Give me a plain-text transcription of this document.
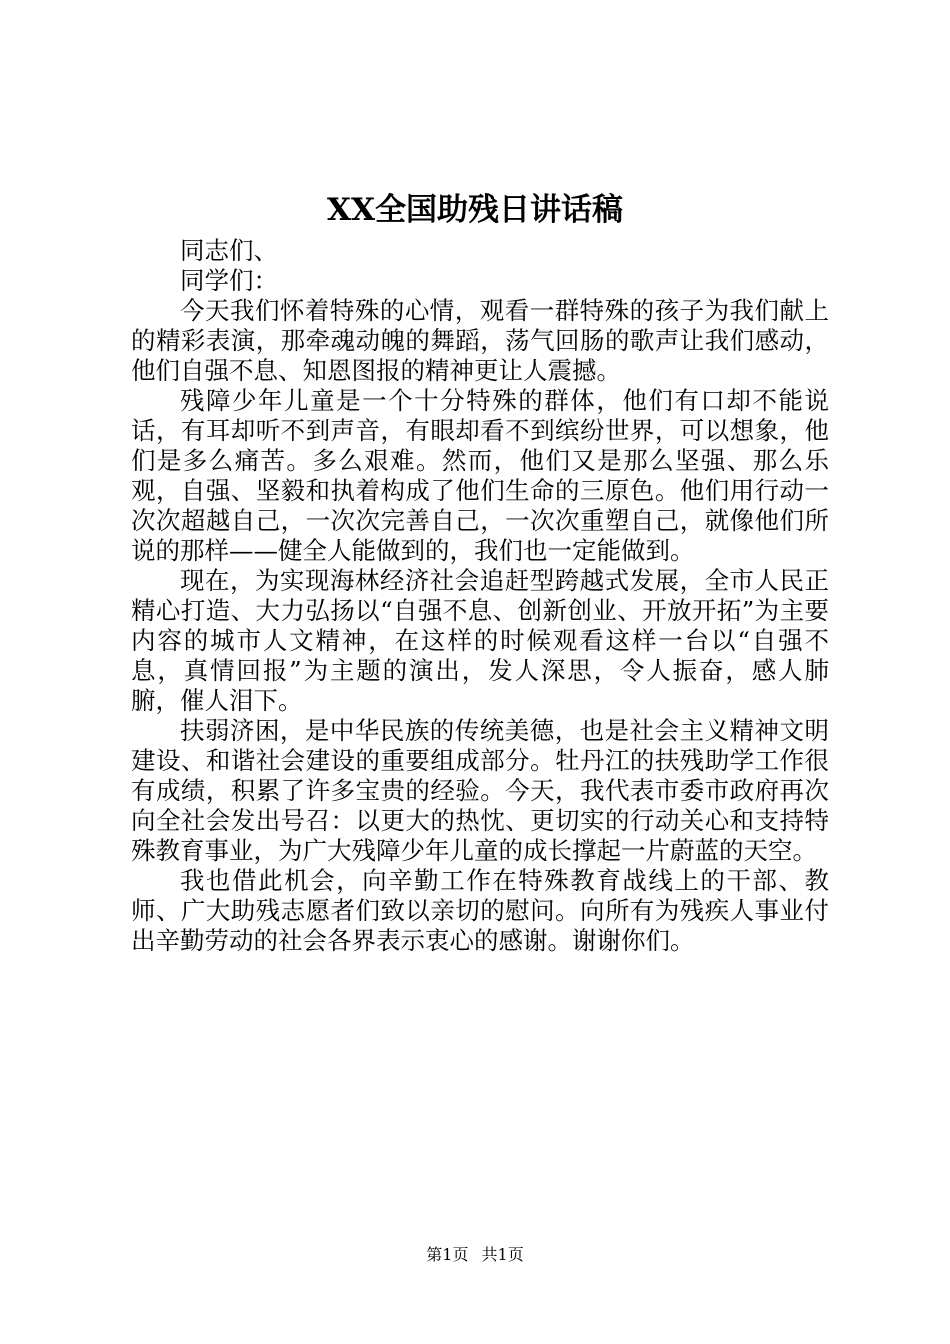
XX全国助残日讲话稿

同志们、

同学们：

今天我们怀着特殊的心情，观看一群特殊的孩子为我们献上的精彩表演，那牵魂动魄的舞蹈，荡气回肠的歌声让我们感动，他们自强不息、知恩图报的精神更让人震撼。

残障少年儿童是一个十分特殊的群体，他们有口却不能说话，有耳却听不到声音，有眼却看不到缤纷世界，可以想象，他们是多么痛苦。多么艰难。然而，他们又是那么坚强、那么乐观，自强、坚毅和执着构成了他们生命的三原色。他们用行动一次次超越自己，一次次完善自己，一次次重塑自己，就像他们所说的那样——健全人能做到的，我们也一定能做到。

现在，为实现海林经济社会追赶型跨越式发展，全市人民正精心打造、大力弘扬以“自强不息、创新创业、开放开拓”为主要内容的城市人文精神，在这样的时候观看这样一台以“自强不息，真情回报”为主题的演出，发人深思，令人振奋，感人肺腑，催人泪下。

扶弱济困，是中华民族的传统美德，也是社会主义精神文明建设、和谐社会建设的重要组成部分。牡丹江的扶残助学工作很有成绩，积累了许多宝贵的经验。今天，我代表市委市政府再次向全社会发出号召：以更大的热忱、更切实的行动关心和支持特殊教育事业，为广大残障少年儿童的成长撑起一片蔚蓝的天空。

我也借此机会，向辛勤工作在特殊教育战线上的干部、教师、广大助残志愿者们致以亲切的慰问。向所有为残疾人事业付出辛勤劳动的社会各界表示衷心的感谢。谢谢你们。

第1页 共1页
